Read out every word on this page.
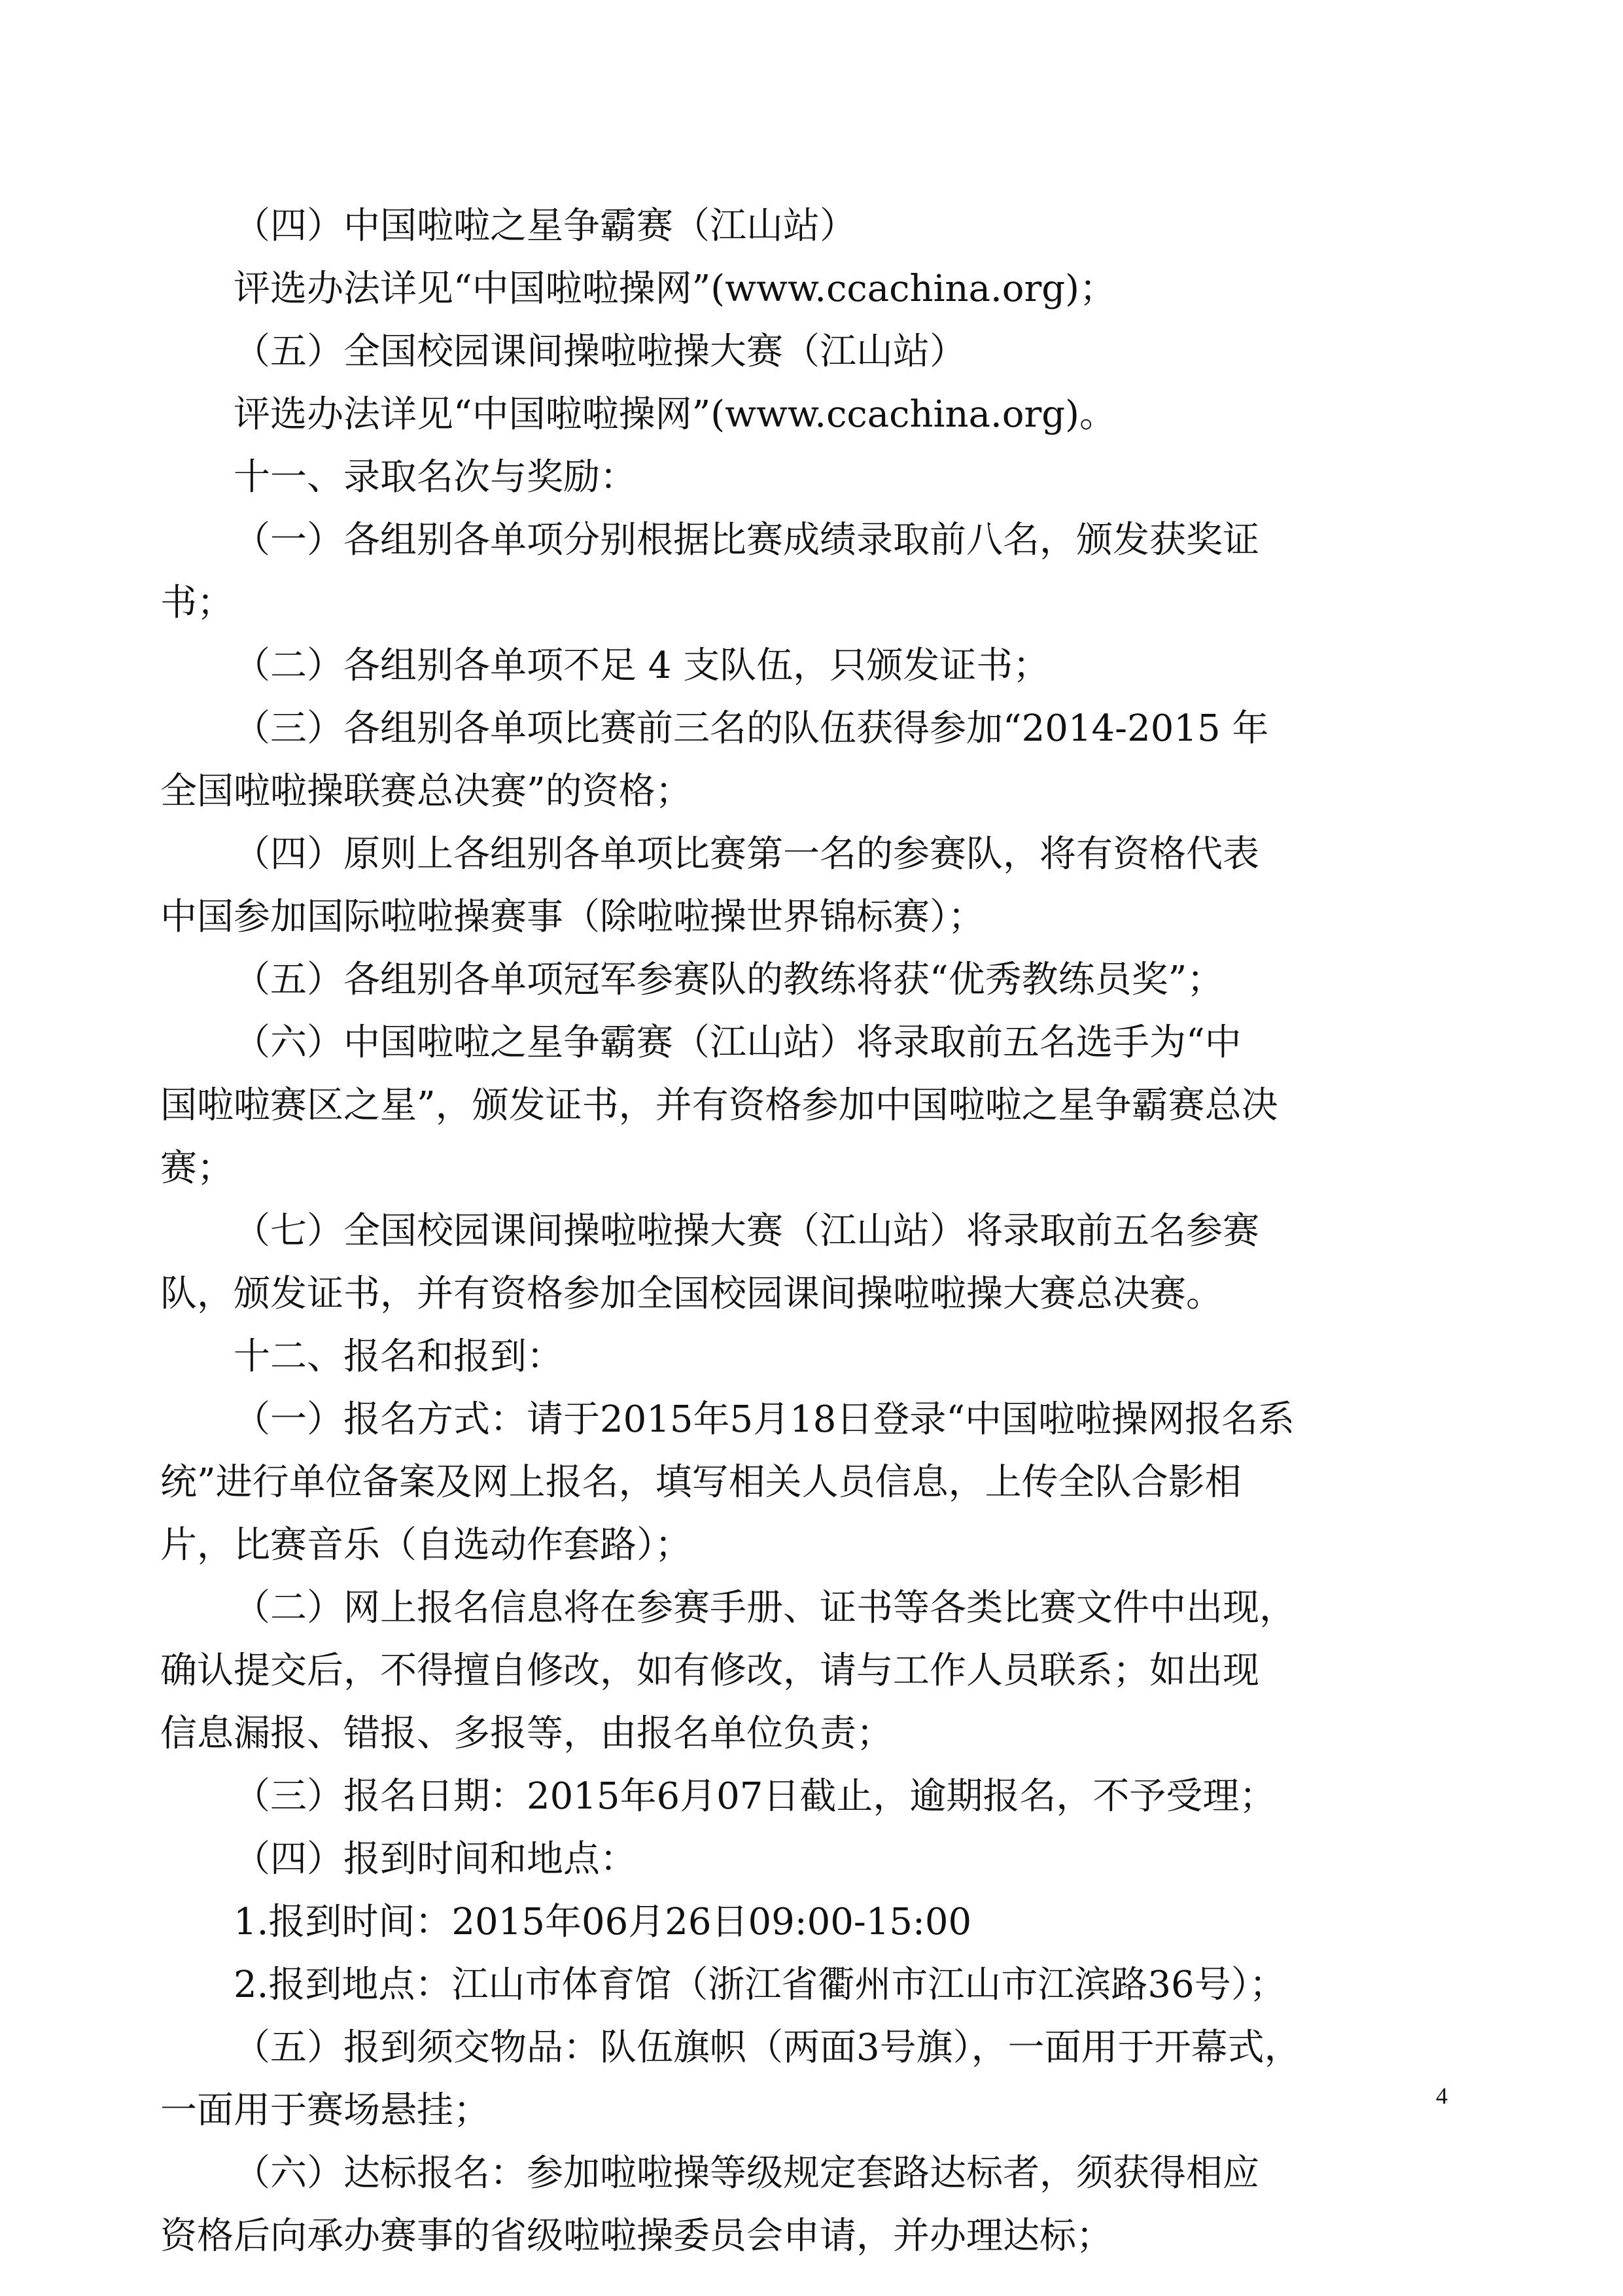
（四）中国啦啦之星争霸赛（江山站）
评选办法详见“中国啦啦操网”(www.ccachina.org)；
（五）全国校园课间操啦啦操大赛（江山站）
评选办法详见“中国啦啦操网”(www.ccachina.org)。
十一、录取名次与奖励：
（一）各组别各单项分别根据比赛成绩录取前八名，颁发获奖证
书；
（二）各组别各单项不足 4 支队伍，只颁发证书；
（三）各组别各单项比赛前三名的队伍获得参加“2014-2015 年
全国啦啦操联赛总决赛”的资格；
（四）原则上各组别各单项比赛第一名的参赛队，将有资格代表
中国参加国际啦啦操赛事（除啦啦操世界锦标赛）；
（五）各组别各单项冠军参赛队的教练将获“优秀教练员奖”；
（六）中国啦啦之星争霸赛（江山站）将录取前五名选手为“中
国啦啦赛区之星”，颁发证书，并有资格参加中国啦啦之星争霸赛总决
赛；
（七）全国校园课间操啦啦操大赛（江山站）将录取前五名参赛
队，颁发证书，并有资格参加全国校园课间操啦啦操大赛总决赛。
十二、报名和报到：
（一）报名方式：请于2015年5月18日登录“中国啦啦操网报名系
统”进行单位备案及网上报名，填写相关人员信息，上传全队合影相
片，比赛音乐（自选动作套路）；
（二）网上报名信息将在参赛手册、证书等各类比赛文件中出现，
确认提交后，不得擅自修改，如有修改，请与工作人员联系；如出现
信息漏报、错报、多报等，由报名单位负责；
（三）报名日期：2015年6月07日截止，逾期报名，不予受理；
（四）报到时间和地点：
1.报到时间：2015年06月26日09:00-15:00
2.报到地点：江山市体育馆（浙江省衢州市江山市江滨路36号）；
（五）报到须交物品：队伍旗帜（两面3号旗），一面用于开幕式，
一面用于赛场悬挂；
（六）达标报名：参加啦啦操等级规定套路达标者，须获得相应
资格后向承办赛事的省级啦啦操委员会申请，并办理达标；
4
